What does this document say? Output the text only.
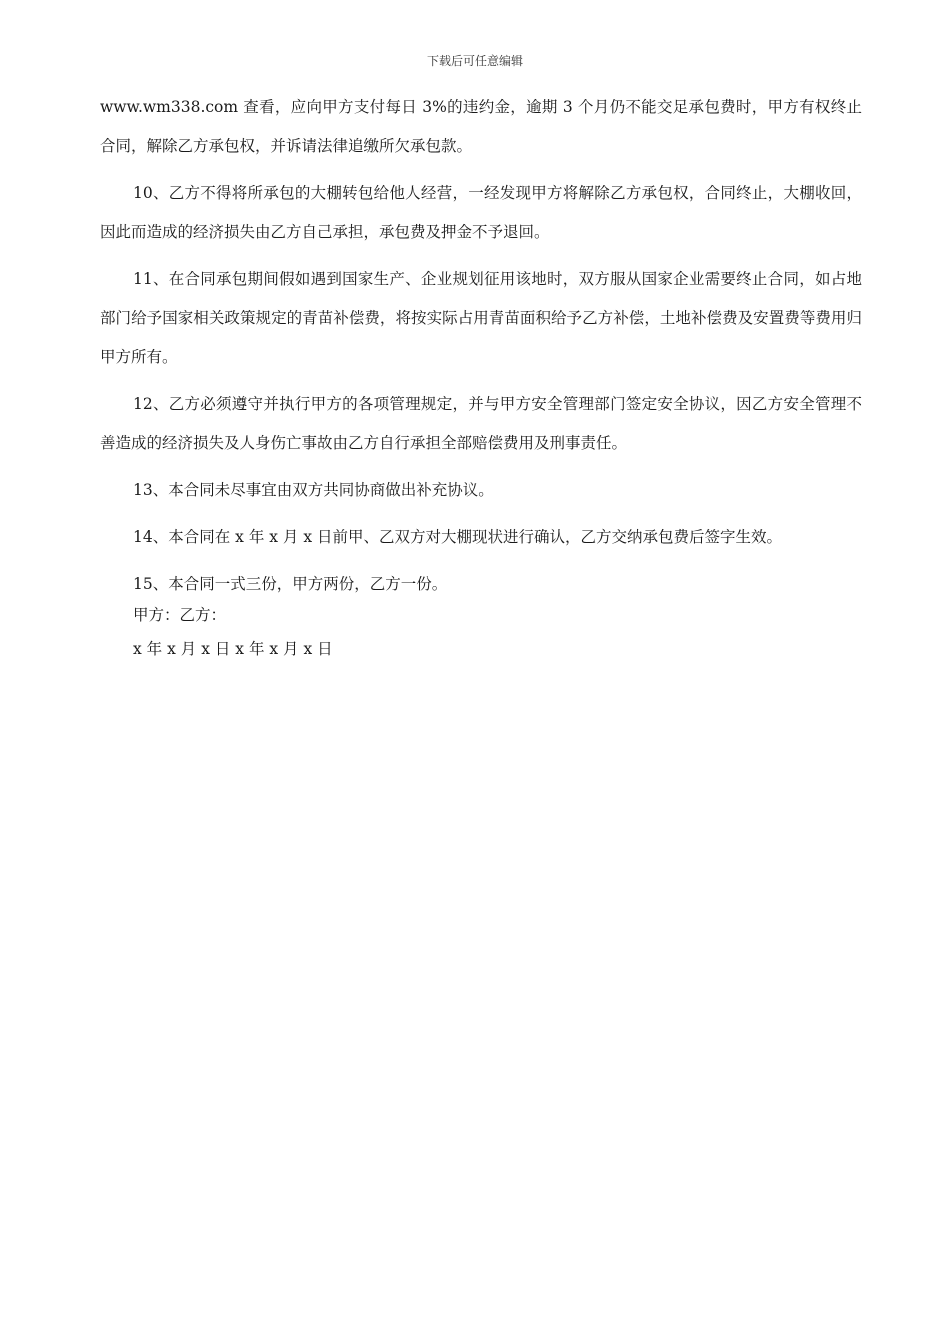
下载后可任意编辑

www.wm338.com 查看，应向甲方支付每日 3%的违约金，逾期 3 个月仍不能交足承包费时，甲方有权终止合同，解除乙方承包权，并诉请法律追缴所欠承包款。

10、乙方不得将所承包的大棚转包给他人经营，一经发现甲方将解除乙方承包权，合同终止，大棚收回，因此而造成的经济损失由乙方自己承担，承包费及押金不予退回。

11、在合同承包期间假如遇到国家生产、企业规划征用该地时，双方服从国家企业需要终止合同，如占地部门给予国家相关政策规定的青苗补偿费，将按实际占用青苗面积给予乙方补偿，土地补偿费及安置费等费用归甲方所有。

12、乙方必须遵守并执行甲方的各项管理规定，并与甲方安全管理部门签定安全协议，因乙方安全管理不善造成的经济损失及人身伤亡事故由乙方自行承担全部赔偿费用及刑事责任。

13、本合同未尽事宜由双方共同协商做出补充协议。

14、本合同在 x 年 x 月 x 日前甲、乙双方对大棚现状进行确认，乙方交纳承包费后签字生效。

15、本合同一式三份，甲方两份，乙方一份。

甲方：乙方：
x 年 x 月 x 日 x 年 x 月 x 日
